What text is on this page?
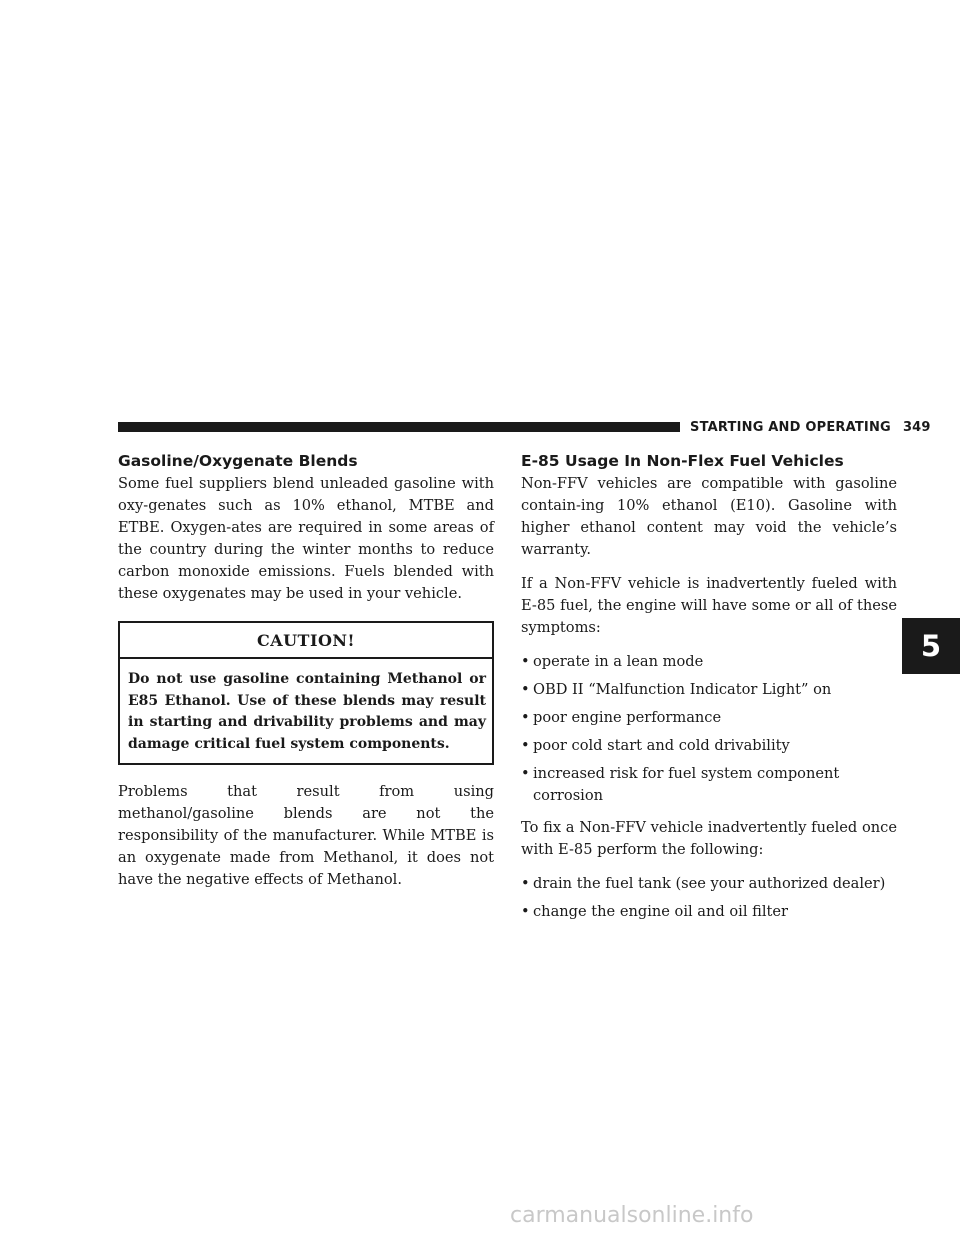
STARTING AND OPERATING 349
5
Gasoline/Oxygenate Blends

Some fuel suppliers blend unleaded gasoline with oxy-genates such as 10% ethanol, MTBE and ETBE. Oxygen-ates are required in some areas of the country during the winter months to reduce carbon monoxide emissions. Fuels blended with these oxygenates may be used in your vehicle.

CAUTION!
Do not use gasoline containing Methanol or E85 Ethanol. Use of these blends may result in starting and drivability problems and may damage critical fuel system components.

Problems that result from using methanol/gasoline blends are not the responsibility of the manufacturer. While MTBE is an oxygenate made from Methanol, it does not have the negative effects of Methanol.

E-85 Usage In Non-Flex Fuel Vehicles

Non-FFV vehicles are compatible with gasoline contain-ing 10% ethanol (E10). Gasoline with higher ethanol content may void the vehicle’s warranty.

If a Non-FFV vehicle is inadvertently fueled with E-85 fuel, the engine will have some or all of these symptoms:

• operate in a lean mode
• OBD II “Malfunction Indicator Light” on
• poor engine performance
• poor cold start and cold drivability
• increased risk for fuel system component corrosion

To fix a Non-FFV vehicle inadvertently fueled once with E-85 perform the following:

• drain the fuel tank (see your authorized dealer)
• change the engine oil and oil filter
carmanualsonline.info
